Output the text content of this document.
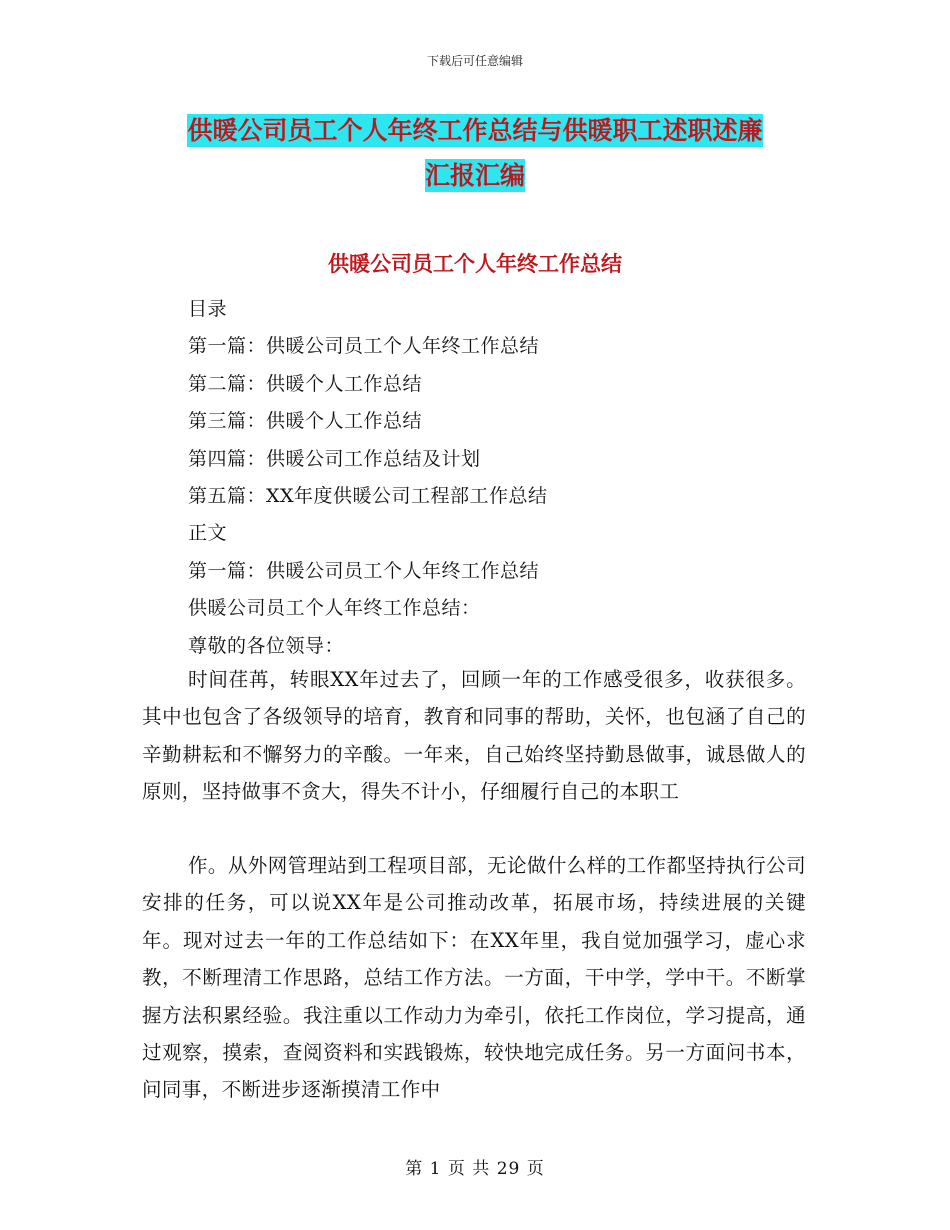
下载后可任意编辑
供暖公司员工个人年终工作总结与供暖职工述职述廉
汇报汇编
供暖公司员工个人年终工作总结
目录
第一篇：供暖公司员工个人年终工作总结
第二篇：供暖个人工作总结
第三篇：供暖个人工作总结
第四篇：供暖公司工作总结及计划
第五篇：XX年度供暖公司工程部工作总结
正文
第一篇：供暖公司员工个人年终工作总结
供暖公司员工个人年终工作总结：
尊敬的各位领导：

时间荏苒，转眼XX年过去了，回顾一年的工作感受很多，收获很多。其中也包含了各级领导的培育，教育和同事的帮助，关怀，也包涵了自己的辛勤耕耘和不懈努力的辛酸。一年来，自己始终坚持勤恳做事，诚恳做人的原则，坚持做事不贪大，得失不计小，仔细履行自己的本职工

作。从外网管理站到工程项目部，无论做什么样的工作都坚持执行公司安排的任务，可以说XX年是公司推动改革，拓展市场，持续进展的关键年。现对过去一年的工作总结如下：在XX年里，我自觉加强学习，虚心求教，不断理清工作思路，总结工作方法。一方面，干中学，学中干。不断掌握方法积累经验。我注重以工作动力为牵引，依托工作岗位，学习提高，通过观察，摸索，查阅资料和实践锻炼，较快地完成任务。另一方面问书本，问同事，不断进步逐渐摸清工作中

第 1 页 共 29 页
